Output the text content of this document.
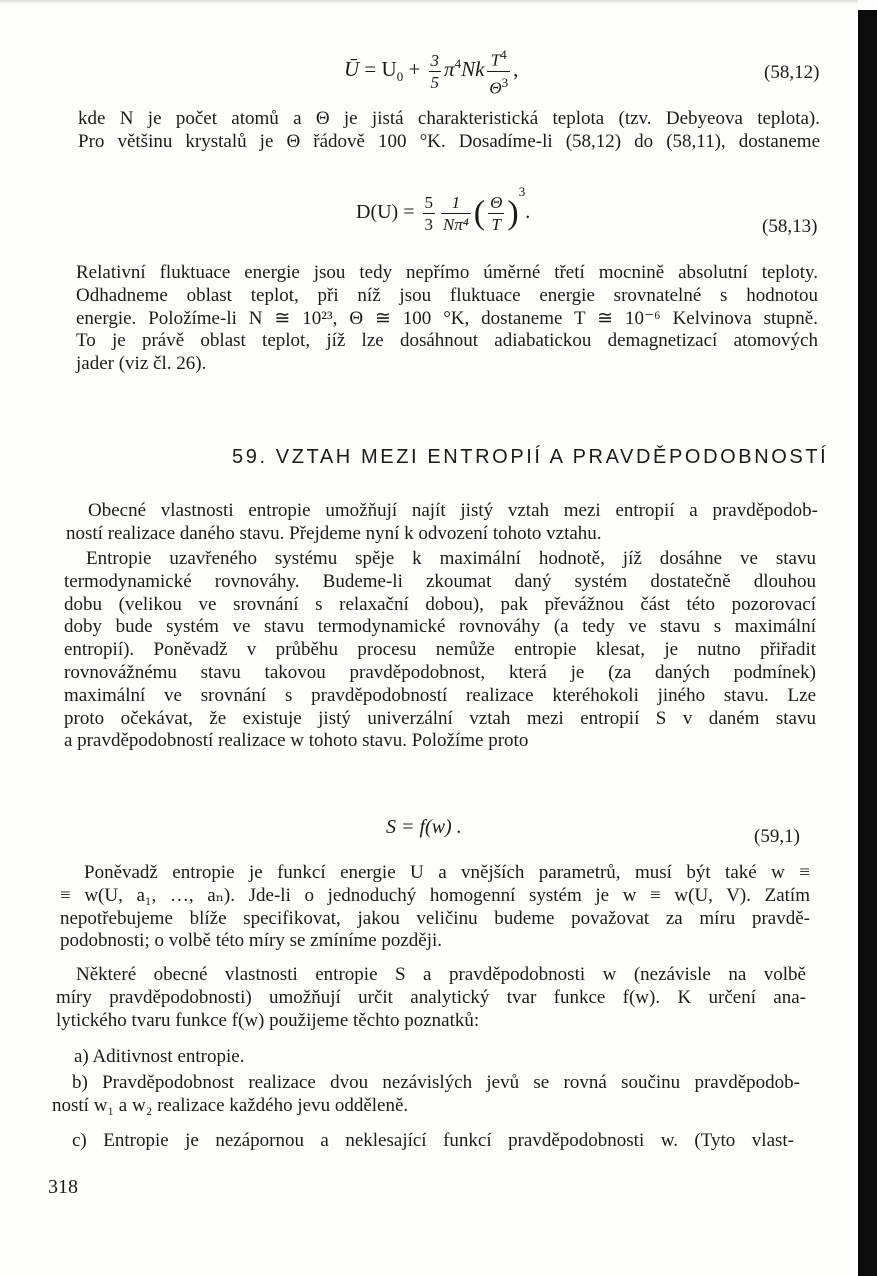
Ū = $U_0 + \frac{3}{5} \pi^4Nk \frac{T^4}{\Theta^3}$ ,	(58,12)
kde N je počet atomů a Θ je jistá charakteristická teplota (tzv. Debyeova teplota).
Pro většinu krystalů je Θ řádově 100 °K. Dosadíme-li (58,12) do (58,11), dostaneme
$D(U) = \frac{5}{3} \frac{1}{\text{Nπ⁴}}$ ( $\frac{\Theta}{T} )^3$.
(58,13)
Relativní fluktuace energie jsou tedy nepřímo úměrné třetí mocnině absolutní teploty.
Odhadneme oblast teplot, při níž jsou fluktuace energie srovnatelné s hodnotou
energie. Položíme-li N ≅ 10²³, Θ ≅ 100 °K, dostaneme T ≅ 10⁻⁶ Kelvinova stupně.
To je právě oblast teplot, jíž lze dosáhnout adiabatickou demagnetizací atomových
jader (viz čl. 26).
59. VZTAH MEZI ENTROPIÍ A PRAVDĚPODOBNOSTÍ
Obecné vlastnosti entropie umožňují najít jistý vztah mezi entropií a pravděpodob-
ností realizace daného stavu. Přejdeme nyní k odvození tohoto vztahu.
Entropie uzavřeného systému spěje k maximální hodnotě, jíž dosáhne ve stavu
termodynamické rovnováhy. Budeme-li zkoumat daný systém dostatečně dlouhou
dobu (velikou ve srovnání s relaxační dobou), pak převážnou část této pozorovací
doby bude systém ve stavu termodynamické rovnováhy (a tedy ve stavu s maximální
entropií). Poněvadž v průběhu procesu nemůže entropie klesat, je nutno přiřadit
rovnovážnému stavu takovou pravděpodobnost, která je (za daných podmínek)
maximální ve srovnání s pravděpodobností realizace kteréhokoli jiného stavu. Lze
proto očekávat, že existuje jistý univerzální vztah mezi entropií S v daném stavu
a pravděpodobností realizace w tohoto stavu. Položíme proto
S = f(w) .	(59,1)
Poněvadž entropie je funkcí energie U a vnějších parametrů, musí být také w ≡
≡ w(U, a₁, …, aₙ). Jde-li o jednoduchý homogenní systém je w ≡ w(U, V). Zatím
nepotřebujeme blíže specifikovat, jakou veličinu budeme považovat za míru pravdě-
podobnosti; o volbě této míry se zmíníme později.
Některé obecné vlastnosti entropie S a pravděpodobnosti w (nezávisle na volbě
míry pravděpodobnosti) umožňují určit analytický tvar funkce f(w). K určení ana-
lytického tvaru funkce f(w) použijeme těchto poznatků:
a) Aditivnost entropie.
b) Pravděpodobnost realizace dvou nezávislých jevů se rovná součinu pravděpodob-
ností w₁ a w₂ realizace každého jevu odděleně.
c) Entropie je nezápornou a neklesající funkcí pravděpodobnosti w. (Tyto vlast-
318
